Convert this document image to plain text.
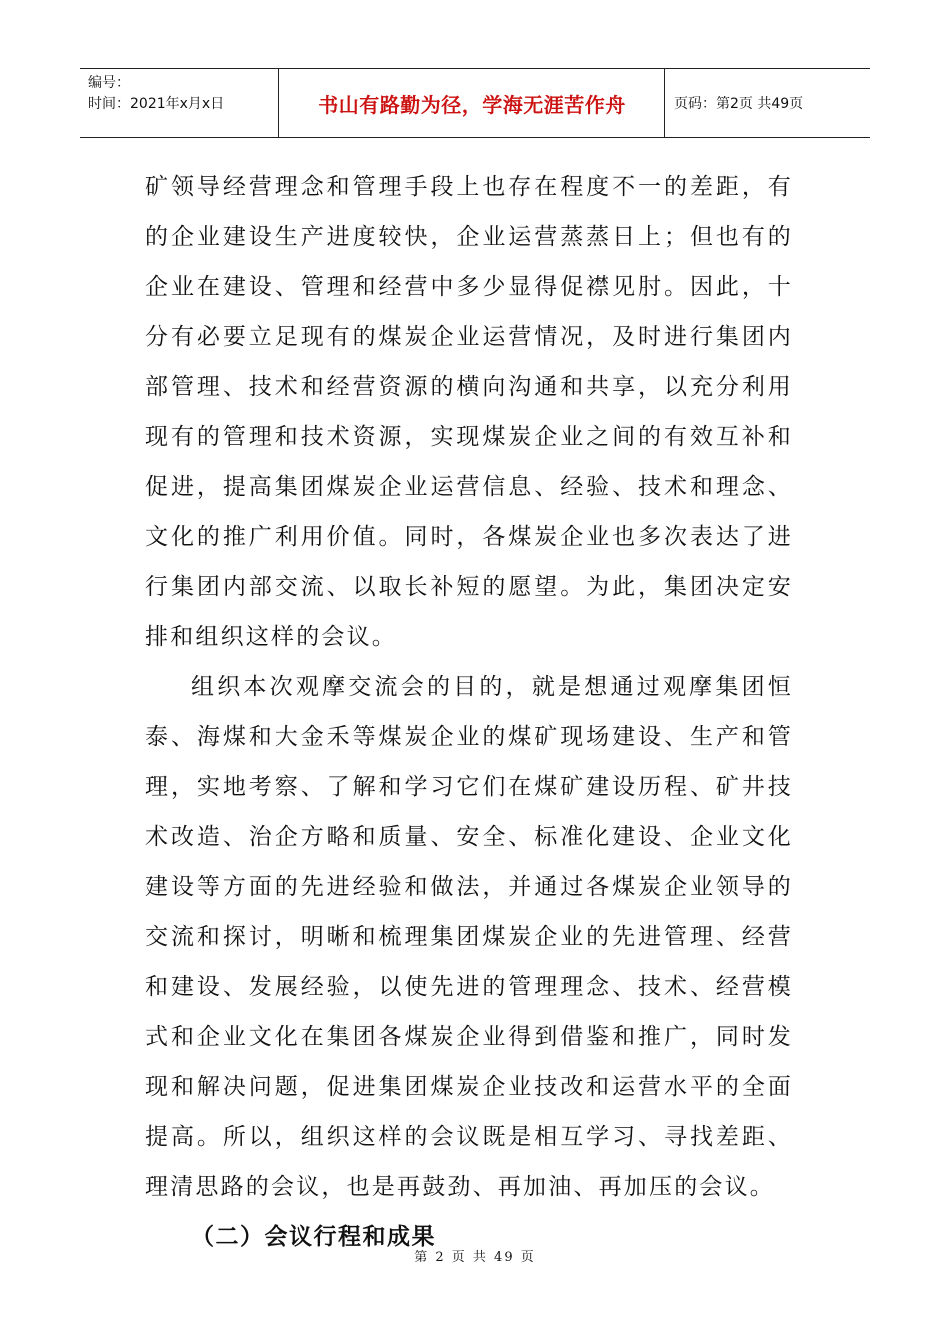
编号：
时间：2021年x月x日	书山有路勤为径，学海无涯苦作舟	页码：第2页 共49页

矿领导经营理念和管理手段上也存在程度不一的差距，有的企业建设生产进度较快，企业运营蒸蒸日上；但也有的企业在建设、管理和经营中多少显得促襟见肘。因此，十分有必要立足现有的煤炭企业运营情况，及时进行集团内部管理、技术和经营资源的横向沟通和共享，以充分利用现有的管理和技术资源，实现煤炭企业之间的有效互补和促进，提高集团煤炭企业运营信息、经验、技术和理念、文化的推广利用价值。同时，各煤炭企业也多次表达了进行集团内部交流、以取长补短的愿望。为此，集团决定安排和组织这样的会议。

组织本次观摩交流会的目的，就是想通过观摩集团恒泰、海煤和大金禾等煤炭企业的煤矿现场建设、生产和管理，实地考察、了解和学习它们在煤矿建设历程、矿井技术改造、治企方略和质量、安全、标准化建设、企业文化建设等方面的先进经验和做法，并通过各煤炭企业领导的交流和探讨，明晰和梳理集团煤炭企业的先进管理、经营和建设、发展经验，以使先进的管理理念、技术、经营模式和企业文化在集团各煤炭企业得到借鉴和推广，同时发现和解决问题，促进集团煤炭企业技改和运营水平的全面提高。所以，组织这样的会议既是相互学习、寻找差距、理清思路的会议，也是再鼓劲、再加油、再加压的会议。

（二）会议行程和成果

第 2 页 共 49 页
